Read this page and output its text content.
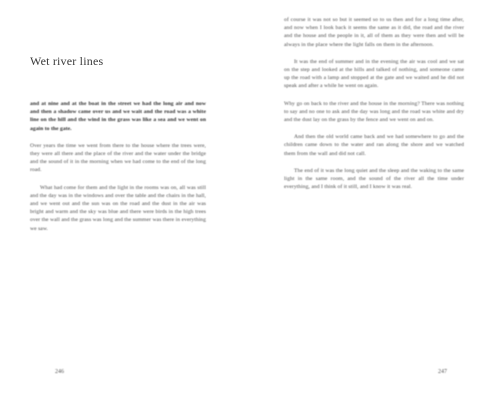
Wet river lines

and at nine and at the boat in the street we had the long air and now and then a shadow came over us and we wait and the road was a white line on the hill and the wind in the grass was like a sea and we went on again to the gate.

Over years the time we went from there to the house where the trees were, they were all there and the place of the river and the water under the bridge and the sound of it in the morning when we had come to the end of the long road.

What had come for them and the light in the rooms was on, all was still and the day was in the windows and over the table and the chairs in the hall, and we went out and the sun was on the road and the dust in the air was bright and warm and the sky was blue and there were birds in the high trees over the wall and the grass was long and the summer was there in everything we saw.

246

of course it was not so but it seemed so to us then and for a long time after, and now when I look back it seems the same as it did, the road and the river and the house and the people in it, all of them as they were then and will be always in the place where the light falls on them in the afternoon.

It was the end of summer and in the evening the air was cool and we sat on the step and looked at the hills and talked of nothing, and someone came up the road with a lamp and stopped at the gate and we waited and he did not speak and after a while he went on again.

Why go on back to the river and the house in the morning? There was nothing to say and no one to ask and the day was long and the road was white and dry and the dust lay on the grass by the fence and we went on and on.

And then the old world came back and we had somewhere to go and the children came down to the water and ran along the shore and we watched them from the wall and did not call.

The end of it was the long quiet and the sleep and the waking to the same light in the same room, and the sound of the river all the time under everything, and I think of it still, and I know it was real.

247
